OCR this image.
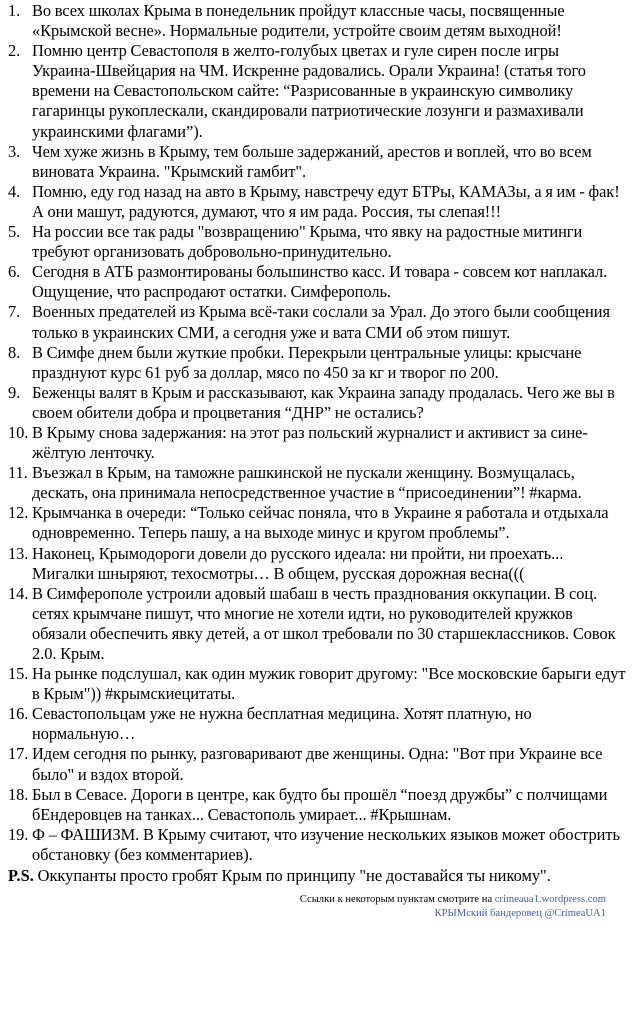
1. Во всех школах Крыма в понедельник пройдут классные часы, посвященные «Крымской весне». Нормальные родители, устройте своим детям выходной!
2. Помню центр Севастополя в желто-голубых цветах и гуле сирен после игры Украина-Швейцария на ЧМ. Искренне радовались. Орали Украина! (статья того времени на Севастопольском сайте: “Разрисованные в украинскую символику гагаринцы рукоплескали, скандировали патриотические лозунги и размахивали украинскими флагами”).
3. Чем хуже жизнь в Крыму, тем больше задержаний, арестов и воплей, что во всем виновата Украина. "Крымский гамбит".
4. Помню, еду год назад на авто в Крыму, навстречу едут БТРы, КАМАЗы, а я им - фак! А они машут, радуются, думают, что я им рада. Россия, ты слепая!!!
5. На россии все так рады "возвращению" Крыма, что явку на радостные митинги требуют организовать добровольно-принудительно.
6. Сегодня в АТБ размонтированы большинство касс. И товара - совсем кот наплакал. Ощущение, что распродают остатки. Симферополь.
7. Военных предателей из Крыма всё-таки сослали за Урал. До этого были сообщения только в украинских СМИ, а сегодня уже и вата СМИ об этом пишут.
8. В Симфе днем были жуткие пробки. Перекрыли центральные улицы: крысчане празднуют курс 61 руб за доллар, мясо по 450 за кг и творог по 200.
9. Беженцы валят в Крым и рассказывают, как Украина западу продалась. Чего же вы в своем обители добра и процветания “ДНР” не остались?
10. В Крыму снова задержания: на этот раз польский журналист и активист за сине-жёлтую ленточку.
11. Въезжал в Крым, на таможне рашкинской не пускали женщину. Возмущалась, дескать, она принимала непосредственное участие в “присоединении”! #карма.
12. Крымчанка в очереди: “Только сейчас поняла, что в Украине я работала и отдыхала одновременно. Теперь пашу, а на выходе минус и кругом проблемы”.
13. Наконец, Крымодороги довели до русского идеала: ни пройти, ни проехать... Мигалки шныряют, техосмотры… В общем, русская дорожная весна(((
14. В Симферополе устроили адовый шабаш в честь празднования оккупации. В соц. сетях крымчане пишут, что многие не хотели идти, но руководителей кружков обязали обеспечить явку детей, а от школ требовали по 30 старшеклассников. Совок 2.0. Крым.
15. На рынке подслушал, как один мужик говорит другому: "Все московские барыги едут в Крым")) #крымскиецитаты.
16. Севастопольцам уже не нужна бесплатная медицина. Хотят платную, но нормальную…
17. Идем сегодня по рынку, разговаривают две женщины. Одна: "Вот при Украине все было" и вздох второй.
18. Был в Севасе. Дороги в центре, как будто бы прошёл “поезд дружбы” с полчищами бЕндеровцев на танках... Севастополь умирает... #Крышнам.
19. Ф – ФАШИЗМ. В Крыму считают, что изучение нескольких языков может обострить обстановку (без комментариев).
P.S. Оккупанты просто гробят Крым по принципу "не доставайся ты никому".
Ссылки к некоторым пунктам смотрите на crimeaua1.wordpress.com
КРЫМский бандеровец @CrimeaUA1
